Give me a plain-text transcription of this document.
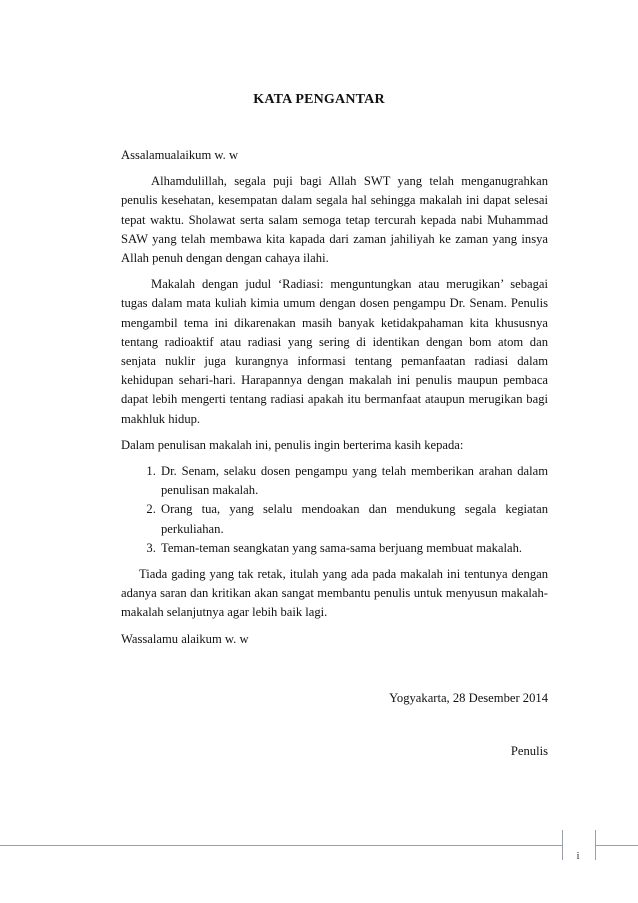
KATA PENGANTAR

Assalamualaikum w. w

Alhamdulillah, segala puji bagi Allah SWT yang telah menganugrahkan penulis kesehatan, kesempatan dalam segala hal sehingga makalah ini dapat selesai tepat waktu. Sholawat serta salam semoga tetap tercurah kepada nabi Muhammad SAW yang telah membawa kita kapada dari zaman jahiliyah ke zaman yang insya Allah penuh dengan dengan cahaya ilahi.

Makalah dengan judul ‘Radiasi: menguntungkan atau merugikan’ sebagai tugas dalam mata kuliah kimia umum dengan dosen pengampu Dr. Senam. Penulis mengambil tema ini dikarenakan masih banyak ketidakpahaman kita khususnya tentang radioaktif atau radiasi yang sering di identikan dengan bom atom dan senjata nuklir juga kurangnya informasi tentang pemanfaatan radiasi dalam kehidupan sehari-hari. Harapannya dengan makalah ini penulis maupun pembaca dapat lebih mengerti tentang radiasi apakah itu bermanfaat ataupun merugikan bagi makhluk hidup.

Dalam penulisan makalah ini, penulis ingin berterima kasih kepada:

1. Dr. Senam, selaku dosen pengampu yang telah memberikan arahan dalam penulisan makalah.
2. Orang tua, yang selalu mendoakan dan mendukung segala kegiatan perkuliahan.
3. Teman-teman seangkatan yang sama-sama berjuang membuat makalah.

Tiada gading yang tak retak, itulah yang ada pada makalah ini tentunya dengan adanya saran dan kritikan akan sangat membantu penulis untuk menyusun makalah-makalah selanjutnya agar lebih baik lagi.

Wassalamu alaikum w. w

Yogyakarta, 28 Desember 2014

Penulis

i
